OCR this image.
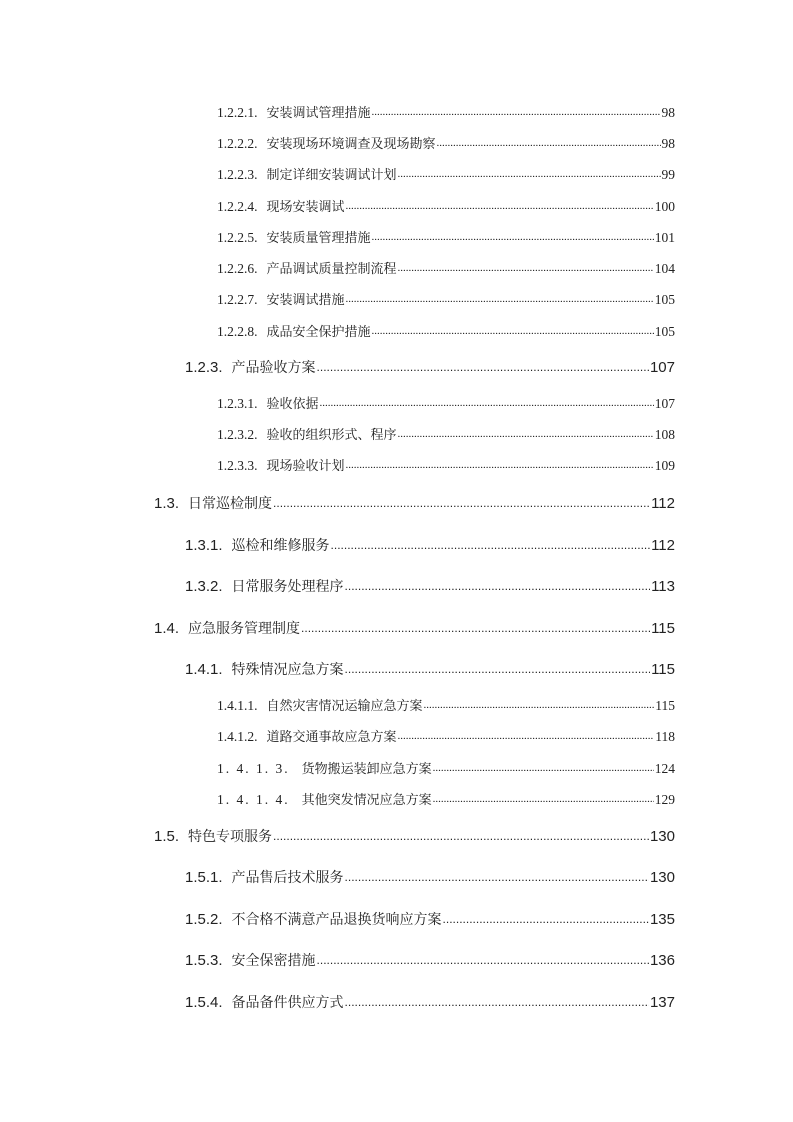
1.2.2.1. 安装调试管理措施 .....	98
1.2.2.2. 安装现场环境调查及现场勘察 .....	98
1.2.2.3. 制定详细安装调试计划 .....	99
1.2.2.4. 现场安装调试 .....	100
1.2.2.5. 安装质量管理措施 .....	101
1.2.2.6. 产品调试质量控制流程 .....	104
1.2.2.7. 安装调试措施 .....	105
1.2.2.8. 成品安全保护措施 .....	105
1.2.3. 产品验收方案 .....	107
1.2.3.1. 验收依据 .....	107
1.2.3.2. 验收的组织形式、程序 .....	108
1.2.3.3. 现场验收计划 .....	109
1.3. 日常巡检制度 .....	112
1.3.1. 巡检和维修服务 .....	112
1.3.2. 日常服务处理程序 .....	113
1.4. 应急服务管理制度 .....	115
1.4.1. 特殊情况应急方案 .....	115
1.4.1.1. 自然灾害情况运输应急方案 .....	115
1.4.1.2. 道路交通事故应急方案 .....	118
1. 4. 1. 3. 货物搬运装卸应急方案 .....	124
1. 4. 1. 4. 其他突发情况应急方案 .....	129
1.5. 特色专项服务 .....	130
1.5.1. 产品售后技术服务 .....	130
1.5.2. 不合格不满意产品退换货响应方案 .....	135
1.5.3. 安全保密措施 .....	136
1.5.4. 备品备件供应方式 .....	137
